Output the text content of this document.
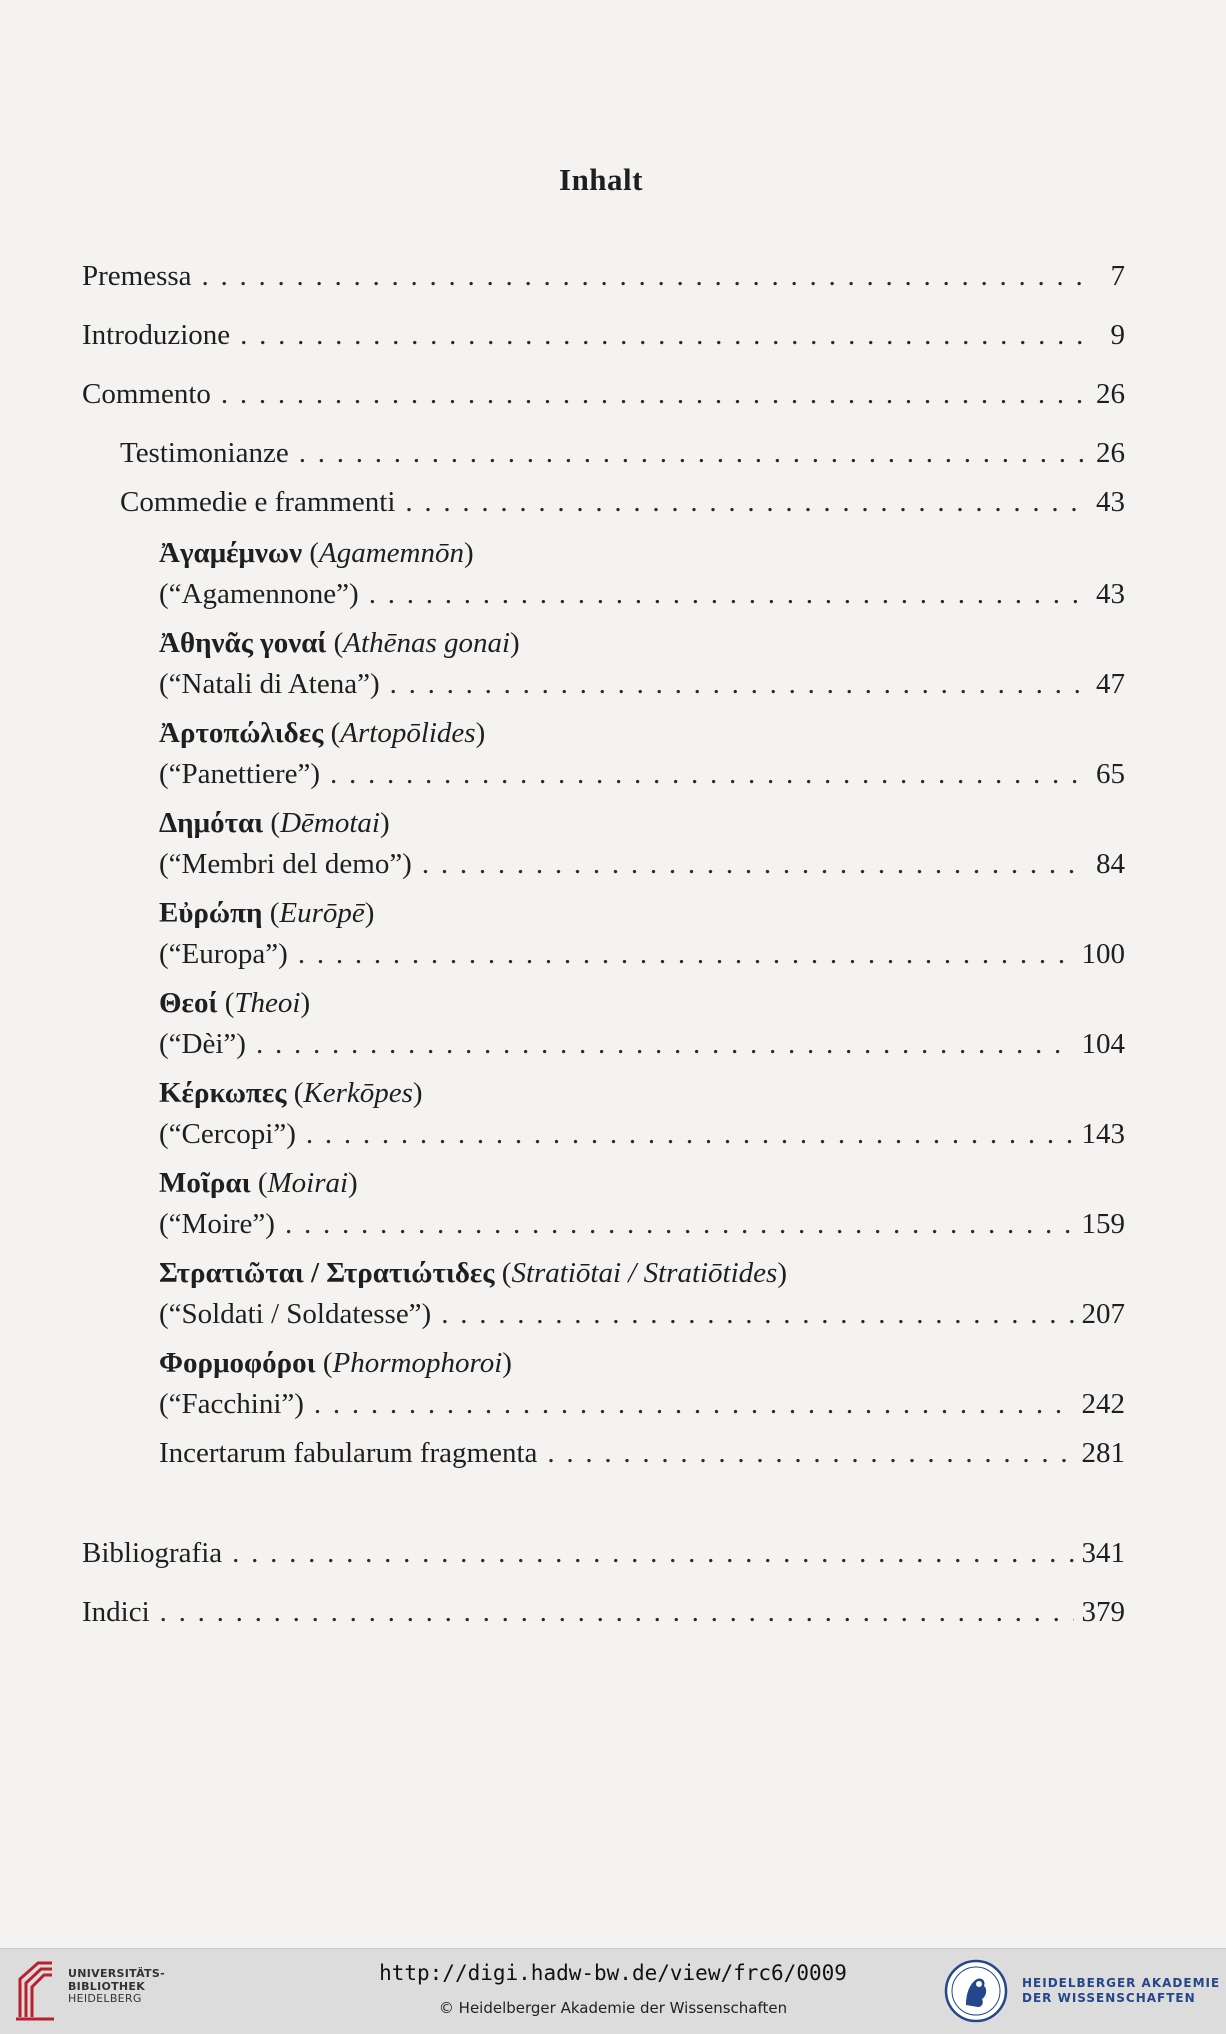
Inhalt
Premessa . . .	7
Introduzione . . .	9
Commento . . .	26
Testimonianze . . .	26
Commedie e frammenti . . .	43
Ἀγαμέμνων (Agamemnōn)
(“Agamennone”) . . .	43
Ἀθηνᾶς γοναί (Athēnas gonai)
(“Natali di Atena”) . . .	47
Ἀρτοπώλιδες (Artopōlides)
(“Panettiere”) . . .	65
Δημόται (Dēmotai)
(“Membri del demo”) . . .	84
Εὐρώπη (Eurōpē)
(“Europa”) . . .	100
Θεοί (Theoi)
(“Dèi”) . . .	104
Κέρκωπες (Kerkōpes)
(“Cercopi”) . . .	143
Μοῖραι (Moirai)
(“Moire”) . . .	159
Στρατιῶται / Στρατιώτιδες (Stratiōtai / Stratiōtides)
(“Soldati / Soldatesse”) . . .	207
Φορμοφόροι (Phormophoroi)
(“Facchini”) . . .	242
Incertarum fabularum fragmenta . . .	281
Bibliografia . . .	341
Indici . . .	379
UNIVERSITÄTS-
BIBLIOTHEK
HEIDELBERG
http://digi.hadw-bw.de/view/frc6/0009
© Heidelberger Akademie der Wissenschaften
HEIDELBERGER AKADEMIE
DER WISSENSCHAFTEN
